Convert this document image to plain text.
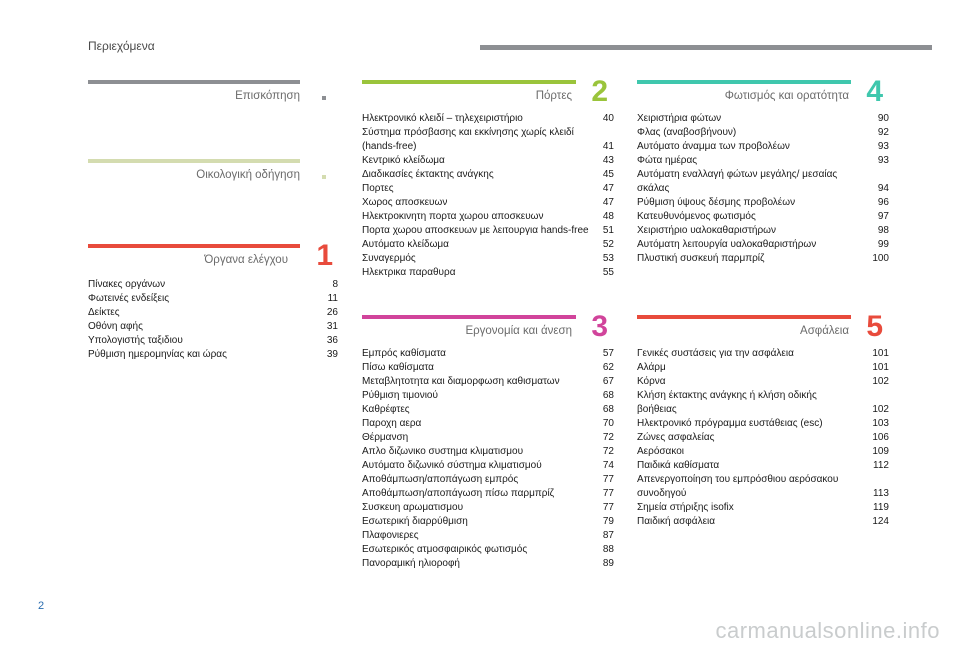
Περιεχόμενα
Επισκόπηση
Οικολογική οδήγηση
Όργανα ελέγχου 1
Πίνακες οργάνων	8
Φωτεινές ενδείξεις	11
Δείκτες	26
Οθόνη αφής	31
Υπολογιστής ταξιδιου	36
Ρύθμιση ημερομηνίας και ώρας	39
Πόρτες 2
Ηλεκτρονικό κλειδί – τηλεχειριστήριο	40
Σύστημα πρόσβασης και εκκίνησης χωρίς κλειδί (hands-free)	41
Κεντρικό κλείδωμα	43
Διαδικασίες έκτακτης ανάγκης	45
Πορτες	47
Χωρος αποσκευων	47
Ηλεκτροκινητη πορτα χωρου αποσκευων	48
Πορτα χωρου αποσκευων με λειτουργια hands-free	51
Αυτόματο κλείδωμα	52
Συναγερμός	53
Ηλεκτρικα παραθυρα	55
Εργονομία και άνεση 3
Εμπρός καθίσματα	57
Πίσω καθίσματα	62
Μεταβλητοτητα και διαμορφωση καθισματων	67
Ρύθμιση τιμονιού	68
Καθρέφτες	68
Παροχη αερα	70
Θέρμανση	72
Απλο διζωνικο συστημα κλιματισμου	72
Αυτόματο διζωνικό σύστημα κλιματισμού	74
Αποθάμπωση/αποπάγωση εμπρός	77
Αποθάμπωση/αποπάγωση πίσω παρμπρίζ	77
Συσκευη αρωματισμου	77
Εσωτερική διαρρύθμιση	79
Πλαφονιερες	87
Εσωτερικός ατμοσφαιρικός φωτισμός	88
Πανοραμική ηλιοροφή	89
Φωτισμός και ορατότητα 4
Χειριστήρια φώτων	90
Φλας (αναβοσβήνουν)	92
Αυτόματο άναμμα των προβολέων	93
Φώτα ημέρας	93
Αυτόματη εναλλαγή φώτων μεγάλης/ μεσαίας σκάλας	94
Ρύθμιση ύψους δέσμης προβολέων	96
Κατευθυνόμενος φωτισμός	97
Χειριστήριο υαλοκαθαριστήρων	98
Αυτόματη λειτουργία υαλοκαθαριστήρων	99
Πλυστική συσκευή παρμπρίζ	100
Ασφάλεια 5
Γενικές συστάσεις για την ασφάλεια	101
Αλάρμ	101
Κόρνα	102
Κλήση έκτακτης ανάγκης ή κλήση οδικής βοήθειας	102
Ηλεκτρονικό πρόγραμμα ευστάθειας (esc)	103
Ζώνες ασφαλείας	106
Αερόσακοι	109
Παιδικά καθίσματα	112
Απενεργοποίηση του εμπρόσθιου αερόσακου συνοδηγού	113
Σημεία στήριξης isofix	119
Παιδική ασφάλεια	124
2
carmanualsonline.info
